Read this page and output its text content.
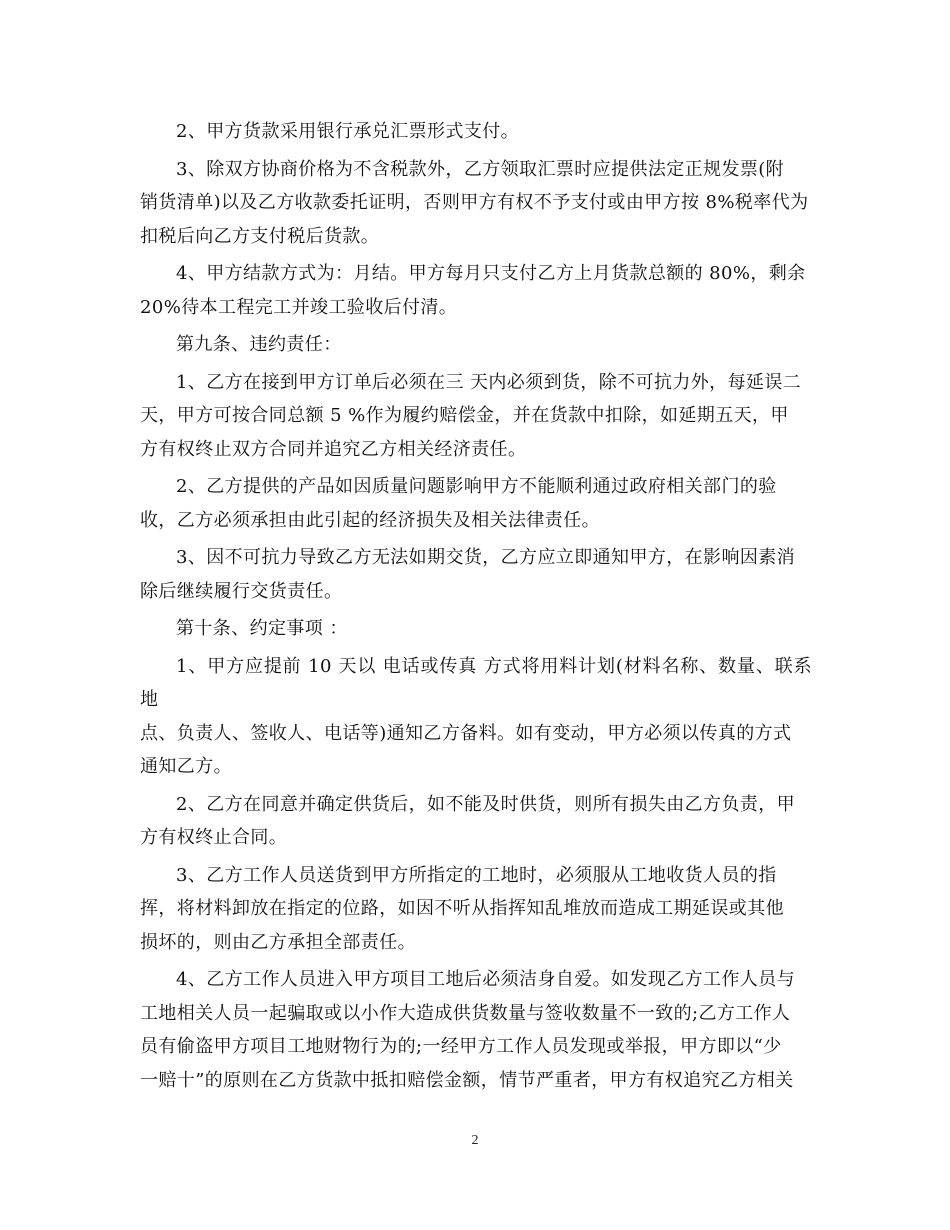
2、甲方货款采用银行承兑汇票形式支付。
3、除双方协商价格为不含税款外，乙方领取汇票时应提供法定正规发票(附
销货清单)以及乙方收款委托证明，否则甲方有权不予支付或由甲方按 8%税率代为
扣税后向乙方支付税后货款。
4、甲方结款方式为：月结。甲方每月只支付乙方上月货款总额的 80%，剩余
20%待本工程完工并竣工验收后付清。
第九条、违约责任：
1、乙方在接到甲方订单后必须在三 天内必须到货，除不可抗力外，每延误二
天，甲方可按合同总额 5 %作为履约赔偿金，并在货款中扣除，如延期五天，甲
方有权终止双方合同并追究乙方相关经济责任。
2、乙方提供的产品如因质量问题影响甲方不能顺利通过政府相关部门的验
收，乙方必须承担由此引起的经济损失及相关法律责任。
3、因不可抗力导致乙方无法如期交货，乙方应立即通知甲方，在影响因素消
除后继续履行交货责任。
第十条、约定事项 ：
1、甲方应提前 10 天以 电话或传真 方式将用料计划(材料名称、数量、联系地
点、负责人、签收人、电话等)通知乙方备料。如有变动，甲方必须以传真的方式
通知乙方。
2、乙方在同意并确定供货后，如不能及时供货，则所有损失由乙方负责，甲
方有权终止合同。
3、乙方工作人员送货到甲方所指定的工地时，必须服从工地收货人员的指
挥，将材料卸放在指定的位路，如因不听从指挥知乱堆放而造成工期延误或其他
损坏的，则由乙方承担全部责任。
4、乙方工作人员进入甲方项目工地后必须洁身自爱。如发现乙方工作人员与
工地相关人员一起骗取或以小作大造成供货数量与签收数量不一致的;乙方工作人
员有偷盗甲方项目工地财物行为的;一经甲方工作人员发现或举报，甲方即以“少
一赔十”的原则在乙方货款中抵扣赔偿金额，情节严重者，甲方有权追究乙方相关
2
